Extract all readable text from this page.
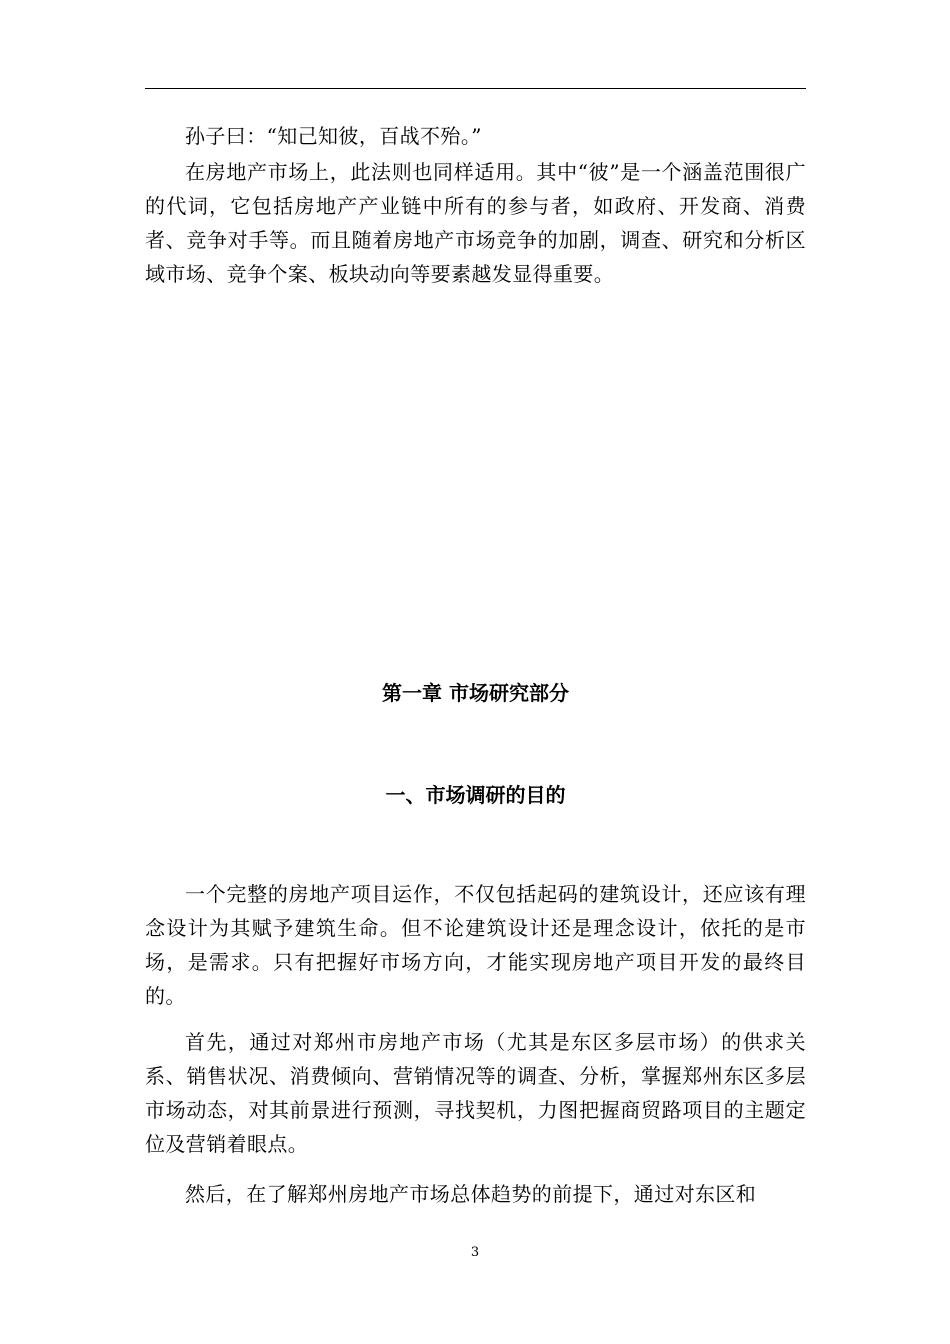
孙子曰：“知己知彼，百战不殆。”

在房地产市场上，此法则也同样适用。其中“彼”是一个涵盖范围很广的代词，它包括房地产产业链中所有的参与者，如政府、开发商、消费者、竞争对手等。而且随着房地产市场竞争的加剧，调查、研究和分析区域市场、竞争个案、板块动向等要素越发显得重要。

第一章 市场研究部分
一、市场调研的目的

一个完整的房地产项目运作，不仅包括起码的建筑设计，还应该有理念设计为其赋予建筑生命。但不论建筑设计还是理念设计，依托的是市场，是需求。只有把握好市场方向，才能实现房地产项目开发的最终目的。

首先，通过对郑州市房地产市场（尤其是东区多层市场）的供求关系、销售状况、消费倾向、营销情况等的调查、分析，掌握郑州东区多层市场动态，对其前景进行预测，寻找契机，力图把握商贸路项目的主题定位及营销着眼点。

然后，在了解郑州房地产市场总体趋势的前提下，通过对东区和

3
